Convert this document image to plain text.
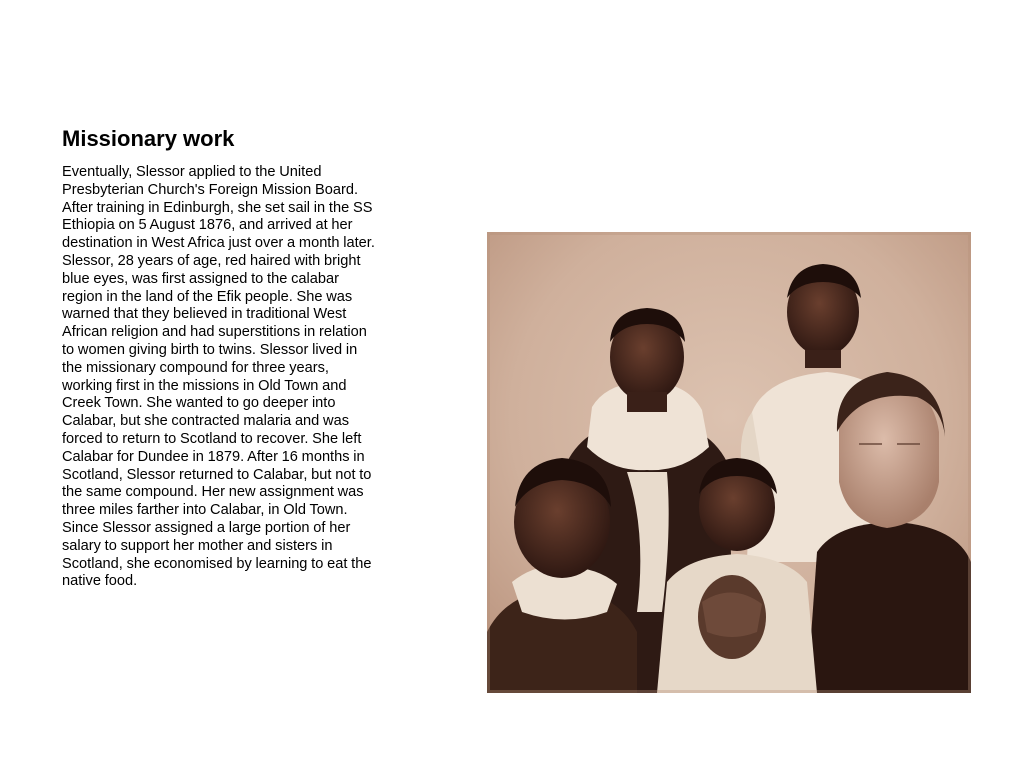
Missionary work

Eventually, Slessor applied to the United Presbyterian Church's Foreign Mission Board. After training in Edinburgh, she set sail in the SS Ethiopia on 5 August 1876, and arrived at her destination in West Africa just over a month later. Slessor, 28 years of age, red haired with bright blue eyes, was first assigned to the calabar region in the land of the Efik people. She was warned that they believed in traditional West African religion and had superstitions in relation to women giving birth to twins. Slessor lived in the missionary compound for three years, working first in the missions in Old Town and Creek Town. She wanted to go deeper into Calabar, but she contracted malaria and was forced to return to Scotland to recover. She left Calabar for Dundee in 1879. After 16 months in Scotland, Slessor returned to Calabar, but not to the same compound. Her new assignment was three miles farther into Calabar, in Old Town. Since Slessor assigned a large portion of her salary to support her mother and sisters in Scotland, she economised by learning to eat the native food.
